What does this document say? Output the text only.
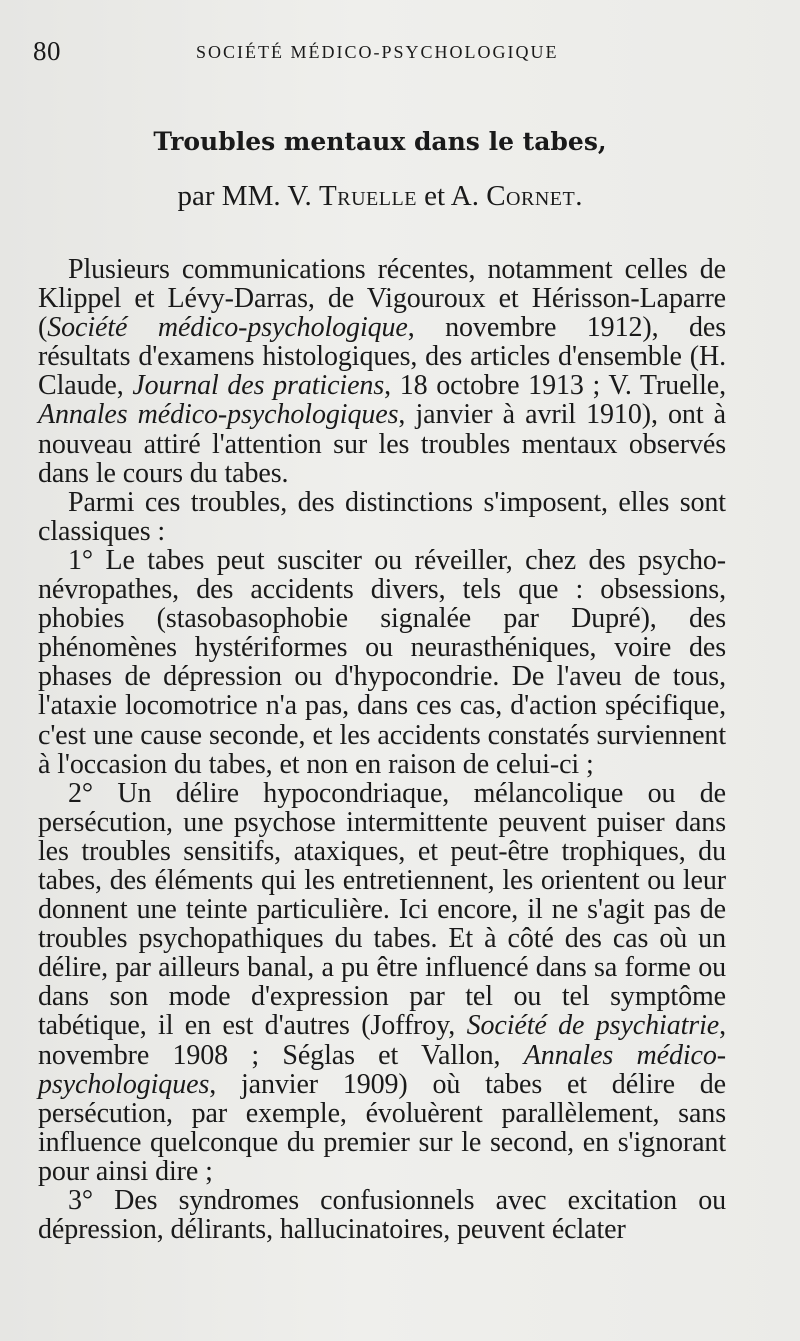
80	SOCIÉTÉ MÉDICO-PSYCHOLOGIQUE
Troubles mentaux dans le tabes,
par MM. V. Truelle et A. Cornet.

Plusieurs communications récentes, notamment celles de Klippel et Lévy-Darras, de Vigouroux et Hérisson-Laparre (Société médico-psychologique, novembre 1912), des résultats d'examens histologiques, des articles d'ensemble (H. Claude, Journal des praticiens, 18 octobre 1913 ; V. Truelle, Annales médico-psychologiques, janvier à avril 1910), ont à nouveau attiré l'attention sur les troubles mentaux observés dans le cours du tabes.

Parmi ces troubles, des distinctions s'imposent, elles sont classiques :

1° Le tabes peut susciter ou réveiller, chez des psycho-névropathes, des accidents divers, tels que : obsessions, phobies (stasobasophobie signalée par Dupré), des phénomènes hystériformes ou neurasthéniques, voire des phases de dépression ou d'hypocondrie. De l'aveu de tous, l'ataxie locomotrice n'a pas, dans ces cas, d'action spécifique, c'est une cause seconde, et les accidents constatés surviennent à l'occasion du tabes, et non en raison de celui-ci ;

2° Un délire hypocondriaque, mélancolique ou de persécution, une psychose intermittente peuvent puiser dans les troubles sensitifs, ataxiques, et peut-être trophiques, du tabes, des éléments qui les entretiennent, les orientent ou leur donnent une teinte particulière. Ici encore, il ne s'agit pas de troubles psychopathiques du tabes. Et à côté des cas où un délire, par ailleurs banal, a pu être influencé dans sa forme ou dans son mode d'expression par tel ou tel symptôme tabétique, il en est d'autres (Joffroy, Société de psychiatrie, novembre 1908 ; Séglas et Vallon, Annales médico-psychologiques, janvier 1909) où tabes et délire de persécution, par exemple, évoluèrent parallèlement, sans influence quelconque du premier sur le second, en s'ignorant pour ainsi dire ;

3° Des syndromes confusionnels avec excitation ou dépression, délirants, hallucinatoires, peuvent éclater
